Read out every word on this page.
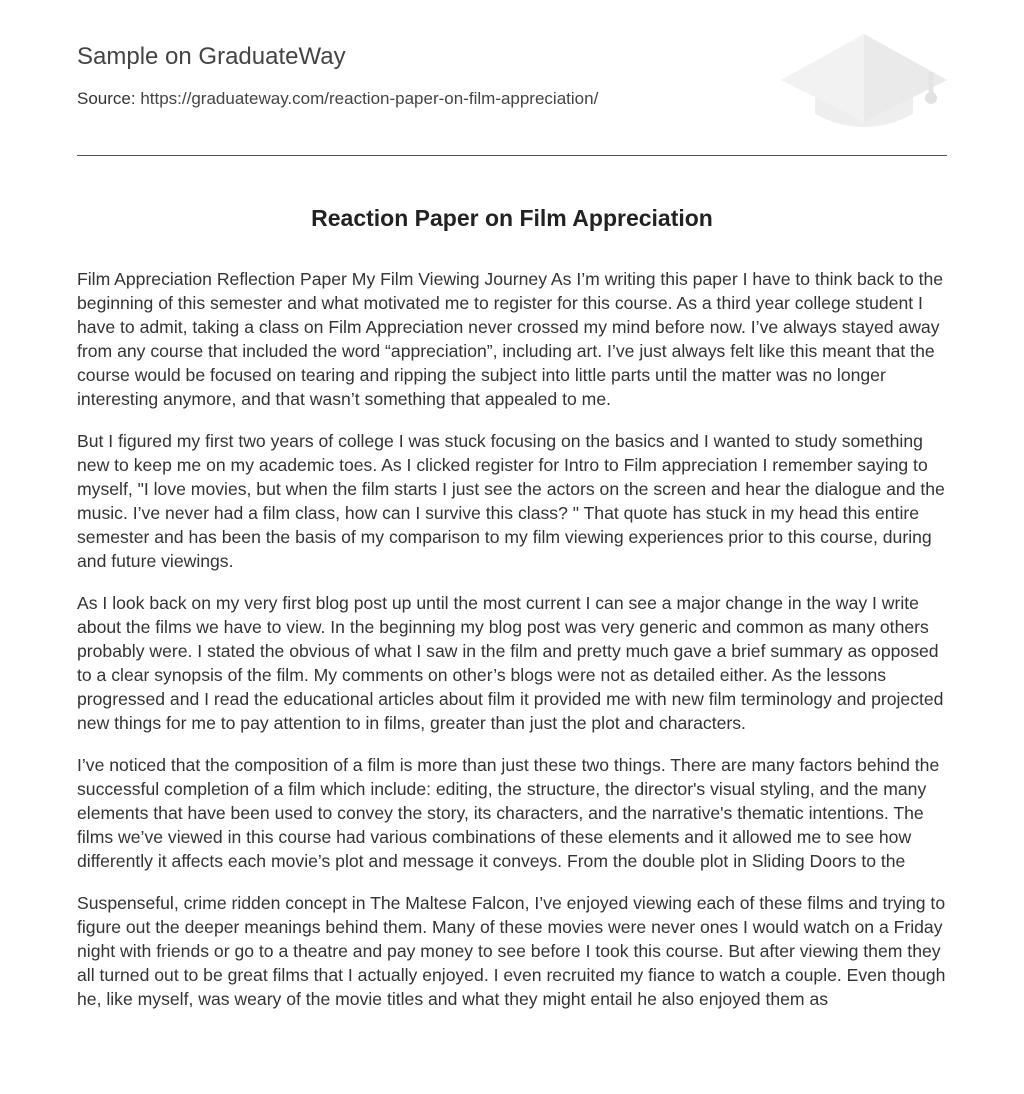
Sample on GraduateWay
Source: https://graduateway.com/reaction-paper-on-film-appreciation/
Reaction Paper on Film Appreciation

Film Appreciation Reflection Paper My Film Viewing Journey As I’m writing this paper I have to think back to the beginning of this semester and what motivated me to register for this course. As a third year college student I have to admit, taking a class on Film Appreciation never crossed my mind before now. I’ve always stayed away from any course that included the word “appreciation”, including art. I’ve just always felt like this meant that the course would be focused on tearing and ripping the subject into little parts until the matter was no longer interesting anymore, and that wasn’t something that appealed to me.

But I figured my first two years of college I was stuck focusing on the basics and I wanted to study something new to keep me on my academic toes. As I clicked register for Intro to Film appreciation I remember saying to myself, "I love movies, but when the film starts I just see the actors on the screen and hear the dialogue and the music. I’ve never had a film class, how can I survive this class? " That quote has stuck in my head this entire semester and has been the basis of my comparison to my film viewing experiences prior to this course, during and future viewings.

As I look back on my very first blog post up until the most current I can see a major change in the way I write about the films we have to view. In the beginning my blog post was very generic and common as many others probably were. I stated the obvious of what I saw in the film and pretty much gave a brief summary as opposed to a clear synopsis of the film. My comments on other’s blogs were not as detailed either. As the lessons progressed and I read the educational articles about film it provided me with new film terminology and projected new things for me to pay attention to in films, greater than just the plot and characters.

I’ve noticed that the composition of a film is more than just these two things. There are many factors behind the successful completion of a film which include: editing, the structure, the director's visual styling, and the many elements that have been used to convey the story, its characters, and the narrative's thematic intentions. The films we’ve viewed in this course had various combinations of these elements and it allowed me to see how differently it affects each movie’s plot and message it conveys. From the double plot in Sliding Doors to the

Suspenseful, crime ridden concept in The Maltese Falcon, I’ve enjoyed viewing each of these films and trying to figure out the deeper meanings behind them. Many of these movies were never ones I would watch on a Friday night with friends or go to a theatre and pay money to see before I took this course. But after viewing them they all turned out to be great films that I actually enjoyed. I even recruited my fiance to watch a couple. Even though he, like myself, was weary of the movie titles and what they might entail he also enjoyed them as
